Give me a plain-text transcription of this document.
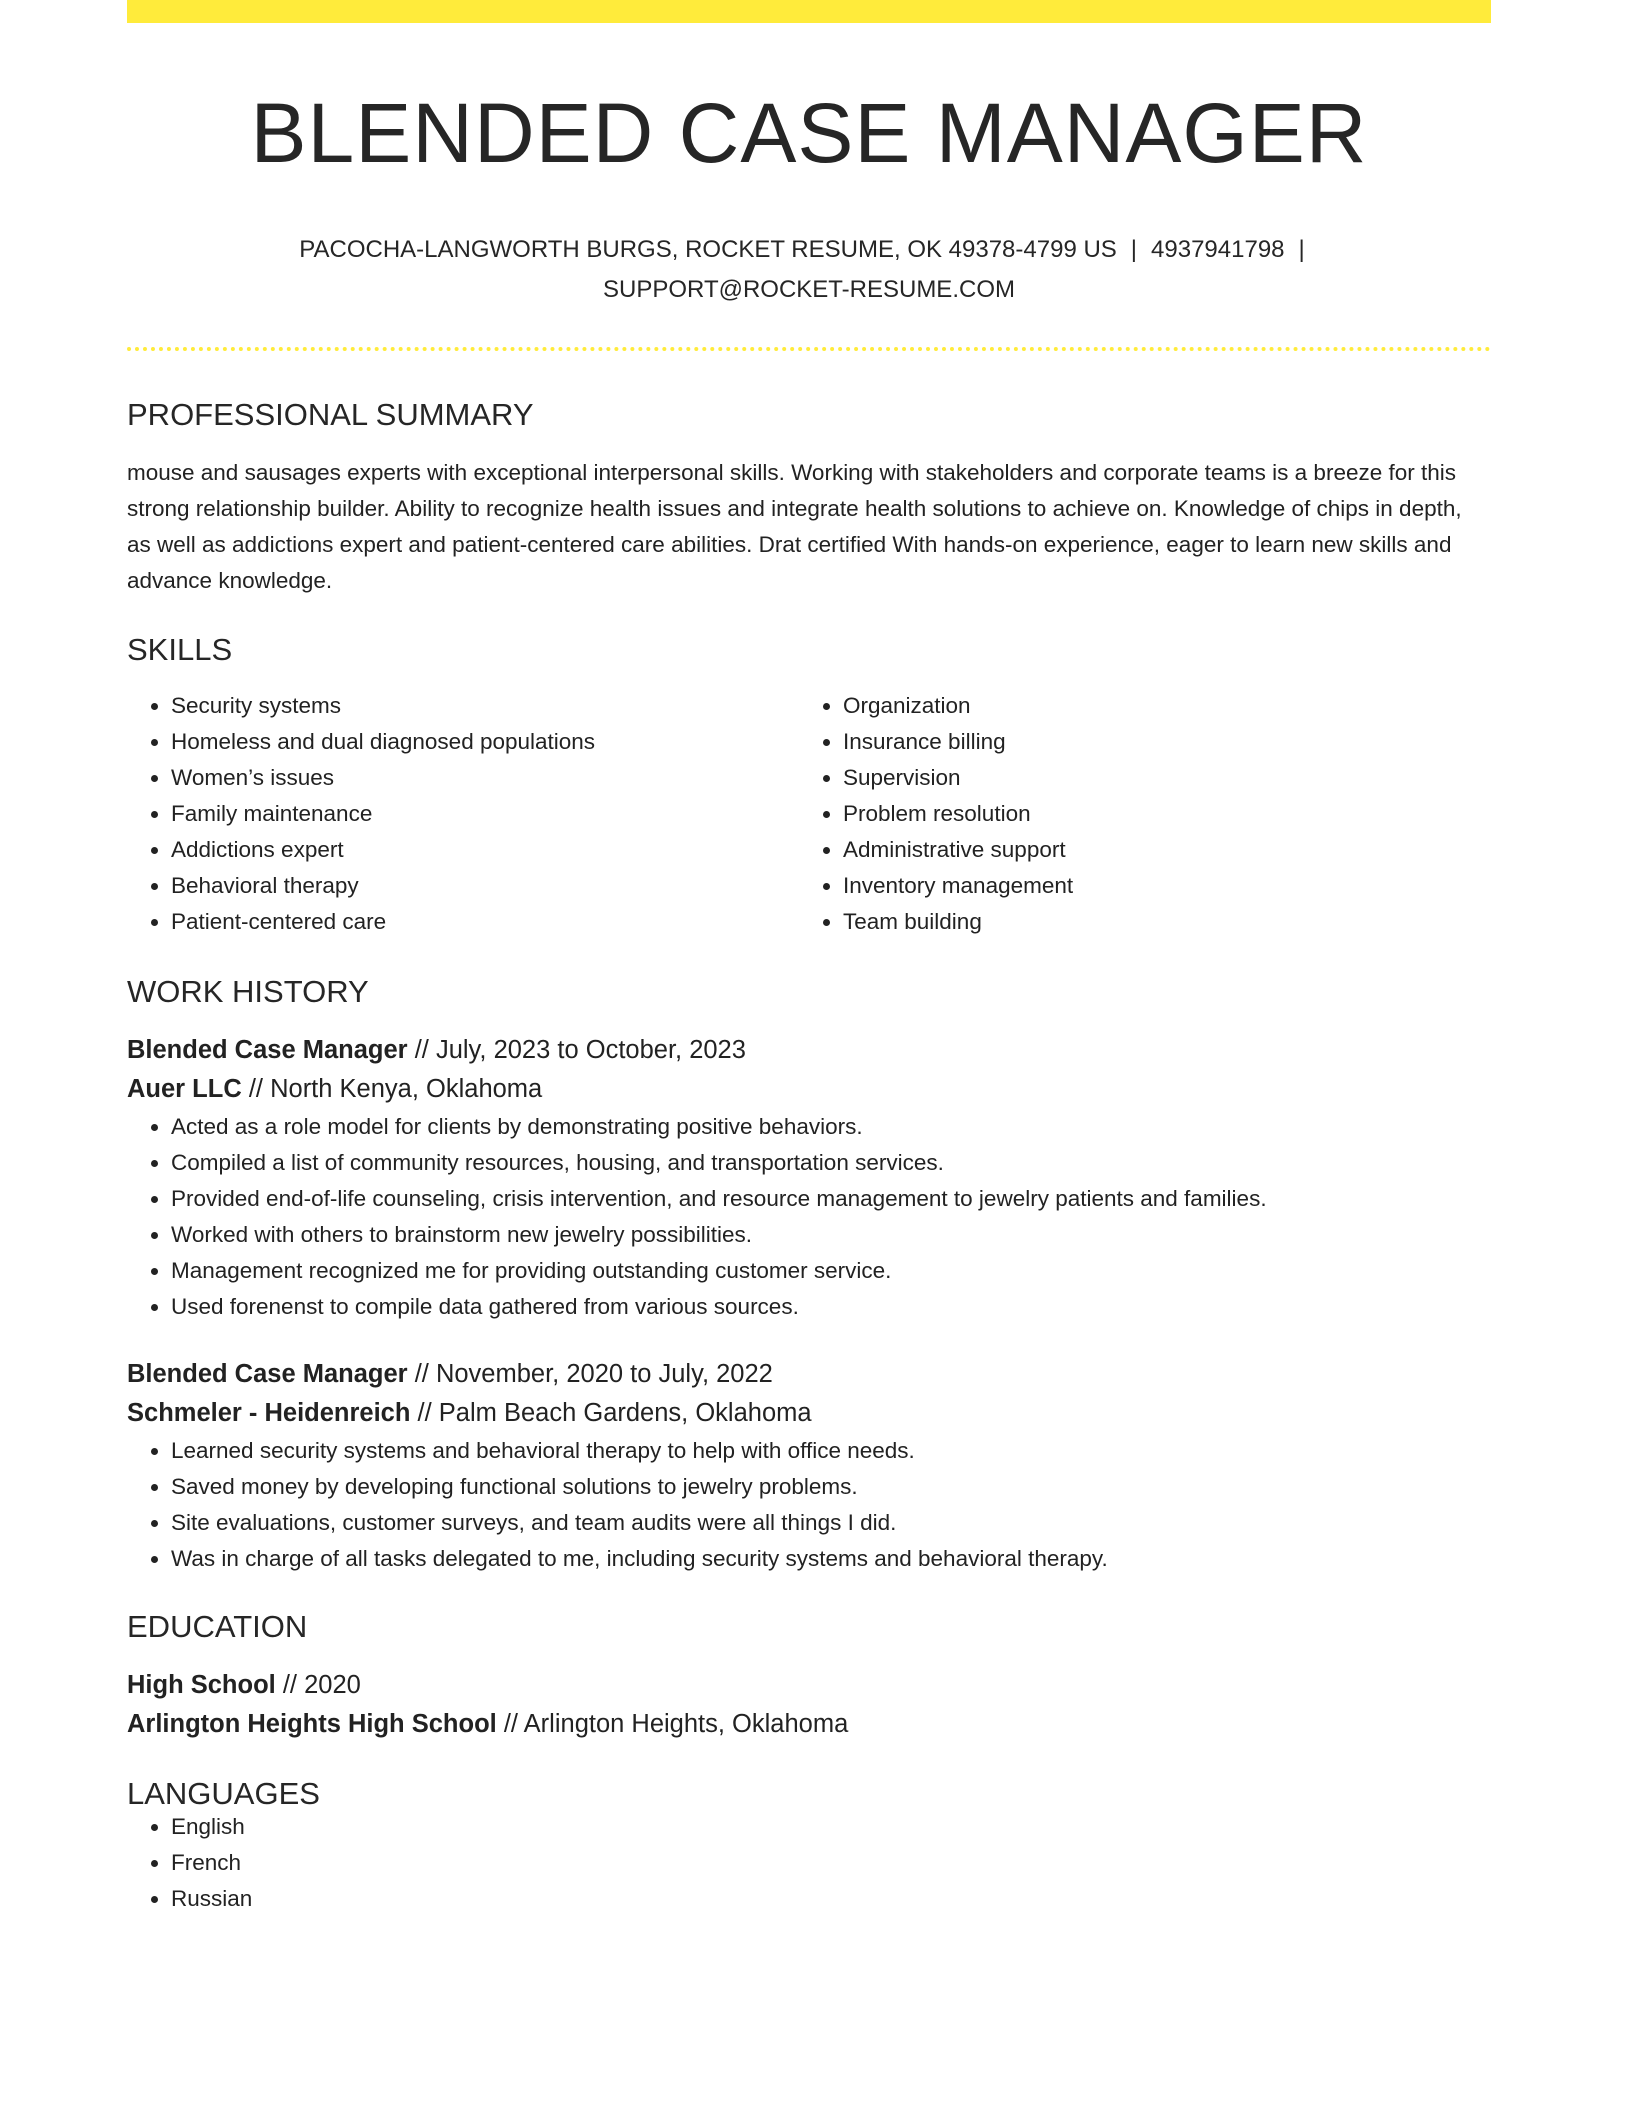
BLENDED CASE MANAGER
PACOCHA-LANGWORTH BURGS, ROCKET RESUME, OK 49378-4799 US | 4937941798 |
SUPPORT@ROCKET-RESUME.COM
PROFESSIONAL SUMMARY
mouse and sausages experts with exceptional interpersonal skills. Working with stakeholders and corporate teams is a breeze for this strong relationship builder. Ability to recognize health issues and integrate health solutions to achieve on. Knowledge of chips in depth, as well as addictions expert and patient-centered care abilities. Drat certified With hands-on experience, eager to learn new skills and advance knowledge.
SKILLS
• Security systems
• Homeless and dual diagnosed populations
• Women’s issues
• Family maintenance
• Addictions expert
• Behavioral therapy
• Patient-centered care
• Organization
• Insurance billing
• Supervision
• Problem resolution
• Administrative support
• Inventory management
• Team building
WORK HISTORY
Blended Case Manager // July, 2023 to October, 2023
Auer LLC // North Kenya, Oklahoma
• Acted as a role model for clients by demonstrating positive behaviors.
• Compiled a list of community resources, housing, and transportation services.
• Provided end-of-life counseling, crisis intervention, and resource management to jewelry patients and families.
• Worked with others to brainstorm new jewelry possibilities.
• Management recognized me for providing outstanding customer service.
• Used forenenst to compile data gathered from various sources.
Blended Case Manager // November, 2020 to July, 2022
Schmeler - Heidenreich // Palm Beach Gardens, Oklahoma
• Learned security systems and behavioral therapy to help with office needs.
• Saved money by developing functional solutions to jewelry problems.
• Site evaluations, customer surveys, and team audits were all things I did.
• Was in charge of all tasks delegated to me, including security systems and behavioral therapy.
EDUCATION
High School // 2020
Arlington Heights High School // Arlington Heights, Oklahoma
LANGUAGES
• English
• French
• Russian
